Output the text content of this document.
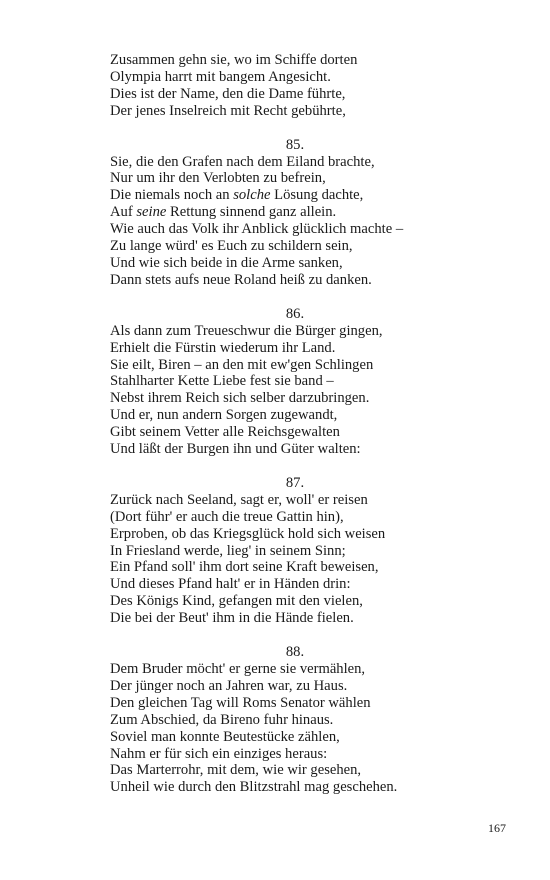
Zusammen gehn sie, wo im Schiffe dorten
Olympia harrt mit bangem Angesicht.
Dies ist der Name, den die Dame führte,
Der jenes Inselreich mit Recht gebührte,
85.
Sie, die den Grafen nach dem Eiland brachte,
Nur um ihr den Verlobten zu befrein,
Die niemals noch an solche Lösung dachte,
Auf seine Rettung sinnend ganz allein.
Wie auch das Volk ihr Anblick glücklich machte –
Zu lange würd' es Euch zu schildern sein,
Und wie sich beide in die Arme sanken,
Dann stets aufs neue Roland heiß zu danken.
86.
Als dann zum Treueschwur die Bürger gingen,
Erhielt die Fürstin wiederum ihr Land.
Sie eilt, Biren – an den mit ew'gen Schlingen
Stahlharter Kette Liebe fest sie band –
Nebst ihrem Reich sich selber darzubringen.
Und er, nun andern Sorgen zugewandt,
Gibt seinem Vetter alle Reichsgewalten
Und läßt der Burgen ihn und Güter walten:
87.
Zurück nach Seeland, sagt er, woll' er reisen
(Dort führ' er auch die treue Gattin hin),
Erproben, ob das Kriegsglück hold sich weisen
In Friesland werde, lieg' in seinem Sinn;
Ein Pfand soll' ihm dort seine Kraft beweisen,
Und dieses Pfand halt' er in Händen drin:
Des Königs Kind, gefangen mit den vielen,
Die bei der Beut' ihm in die Hände fielen.
88.
Dem Bruder möcht' er gerne sie vermählen,
Der jünger noch an Jahren war, zu Haus.
Den gleichen Tag will Roms Senator wählen
Zum Abschied, da Bireno fuhr hinaus.
Soviel man konnte Beutestücke zählen,
Nahm er für sich ein einziges heraus:
Das Marterrohr, mit dem, wie wir gesehen,
Unheil wie durch den Blitzstrahl mag geschehen.
167
